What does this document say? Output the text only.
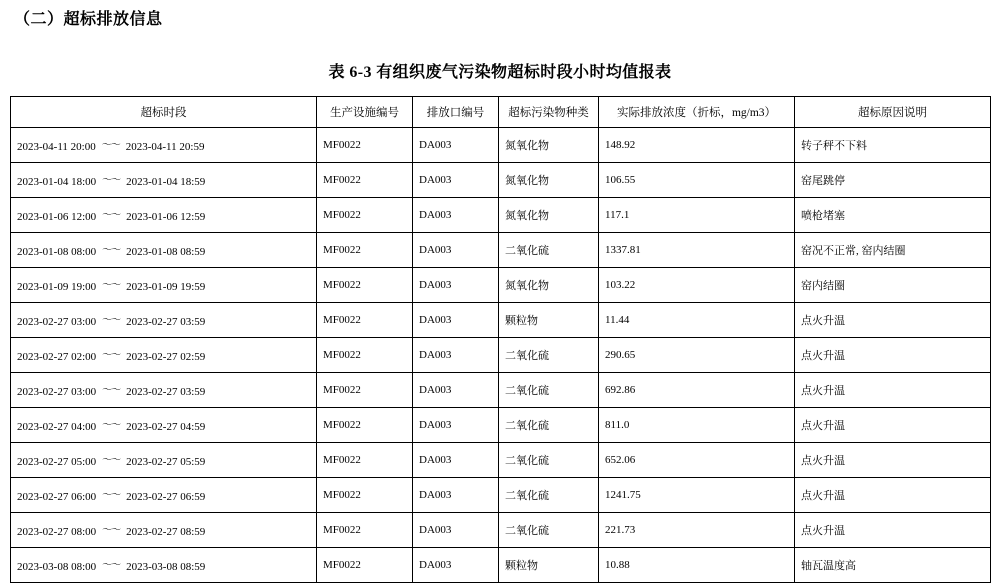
（二）超标排放信息
表 6-3 有组织废气污染物超标时段小时均值报表
超标时段	生产设施编号	排放口编号	超标污染物种类	实际排放浓度（折标，mg/m3）	超标原因说明
2023-04-11 20:00 ～～ 2023-04-11 20:59	MF0022	DA003	氮氧化物	148.92	转子秤不下料
2023-01-04 18:00 ～～ 2023-01-04 18:59	MF0022	DA003	氮氧化物	106.55	窑尾跳停
2023-01-06 12:00 ～～ 2023-01-06 12:59	MF0022	DA003	氮氧化物	117.1	喷枪堵塞
2023-01-08 08:00 ～～ 2023-01-08 08:59	MF0022	DA003	二氧化硫	1337.81	窑况不正常, 窑内结圈
2023-01-09 19:00 ～～ 2023-01-09 19:59	MF0022	DA003	氮氧化物	103.22	窑内结圈
2023-02-27 03:00 ～～ 2023-02-27 03:59	MF0022	DA003	颗粒物	11.44	点火升温
2023-02-27 02:00 ～～ 2023-02-27 02:59	MF0022	DA003	二氧化硫	290.65	点火升温
2023-02-27 03:00 ～～ 2023-02-27 03:59	MF0022	DA003	二氧化硫	692.86	点火升温
2023-02-27 04:00 ～～ 2023-02-27 04:59	MF0022	DA003	二氧化硫	811.0	点火升温
2023-02-27 05:00 ～～ 2023-02-27 05:59	MF0022	DA003	二氧化硫	652.06	点火升温
2023-02-27 06:00 ～～ 2023-02-27 06:59	MF0022	DA003	二氧化硫	1241.75	点火升温
2023-02-27 08:00 ～～ 2023-02-27 08:59	MF0022	DA003	二氧化硫	221.73	点火升温
2023-03-08 08:00 ～～ 2023-03-08 08:59	MF0022	DA003	颗粒物	10.88	轴瓦温度高
